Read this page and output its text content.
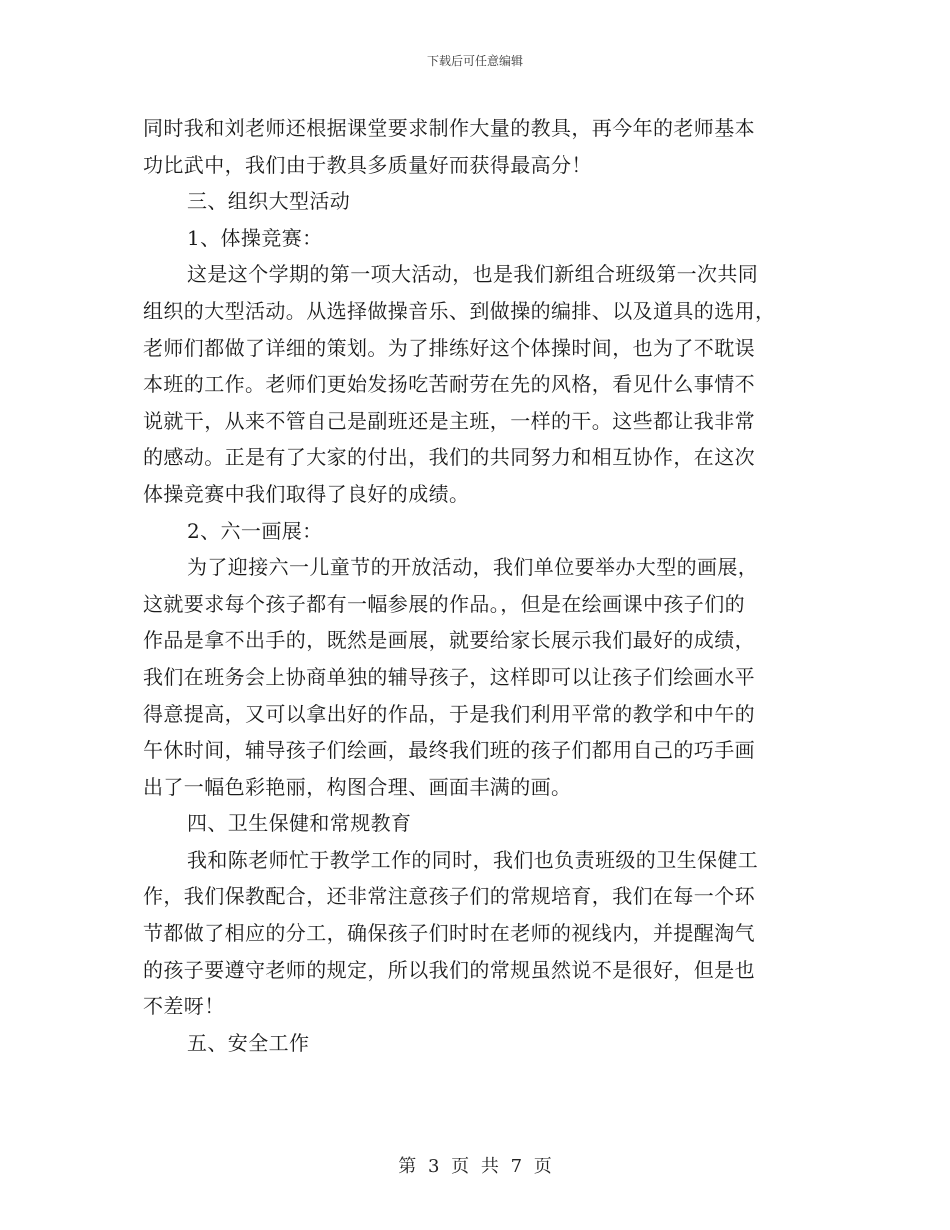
下载后可任意编辑
同时我和刘老师还根据课堂要求制作大量的教具，再今年的老师基本
功比武中，我们由于教具多质量好而获得最高分！
三、组织大型活动
1、体操竞赛：
这是这个学期的第一项大活动，也是我们新组合班级第一次共同
组织的大型活动。从选择做操音乐、到做操的编排、以及道具的选用，
老师们都做了详细的策划。为了排练好这个体操时间，也为了不耽误
本班的工作。老师们更始发扬吃苦耐劳在先的风格，看见什么事情不
说就干，从来不管自己是副班还是主班，一样的干。这些都让我非常
的感动。正是有了大家的付出，我们的共同努力和相互协作，在这次
体操竞赛中我们取得了良好的成绩。
2、六一画展：
为了迎接六一儿童节的开放活动，我们单位要举办大型的画展，
这就要求每个孩子都有一幅参展的作品。，但是在绘画课中孩子们的
作品是拿不出手的，既然是画展，就要给家长展示我们最好的成绩，
我们在班务会上协商单独的辅导孩子，这样即可以让孩子们绘画水平
得意提高，又可以拿出好的作品，于是我们利用平常的教学和中午的
午休时间，辅导孩子们绘画，最终我们班的孩子们都用自己的巧手画
出了一幅色彩艳丽，构图合理、画面丰满的画。
四、卫生保健和常规教育
我和陈老师忙于教学工作的同时，我们也负责班级的卫生保健工
作，我们保教配合，还非常注意孩子们的常规培育，我们在每一个环
节都做了相应的分工，确保孩子们时时在老师的视线内，并提醒淘气
的孩子要遵守老师的规定，所以我们的常规虽然说不是很好，但是也
不差呀！
五、安全工作
第 3 页 共 7 页
